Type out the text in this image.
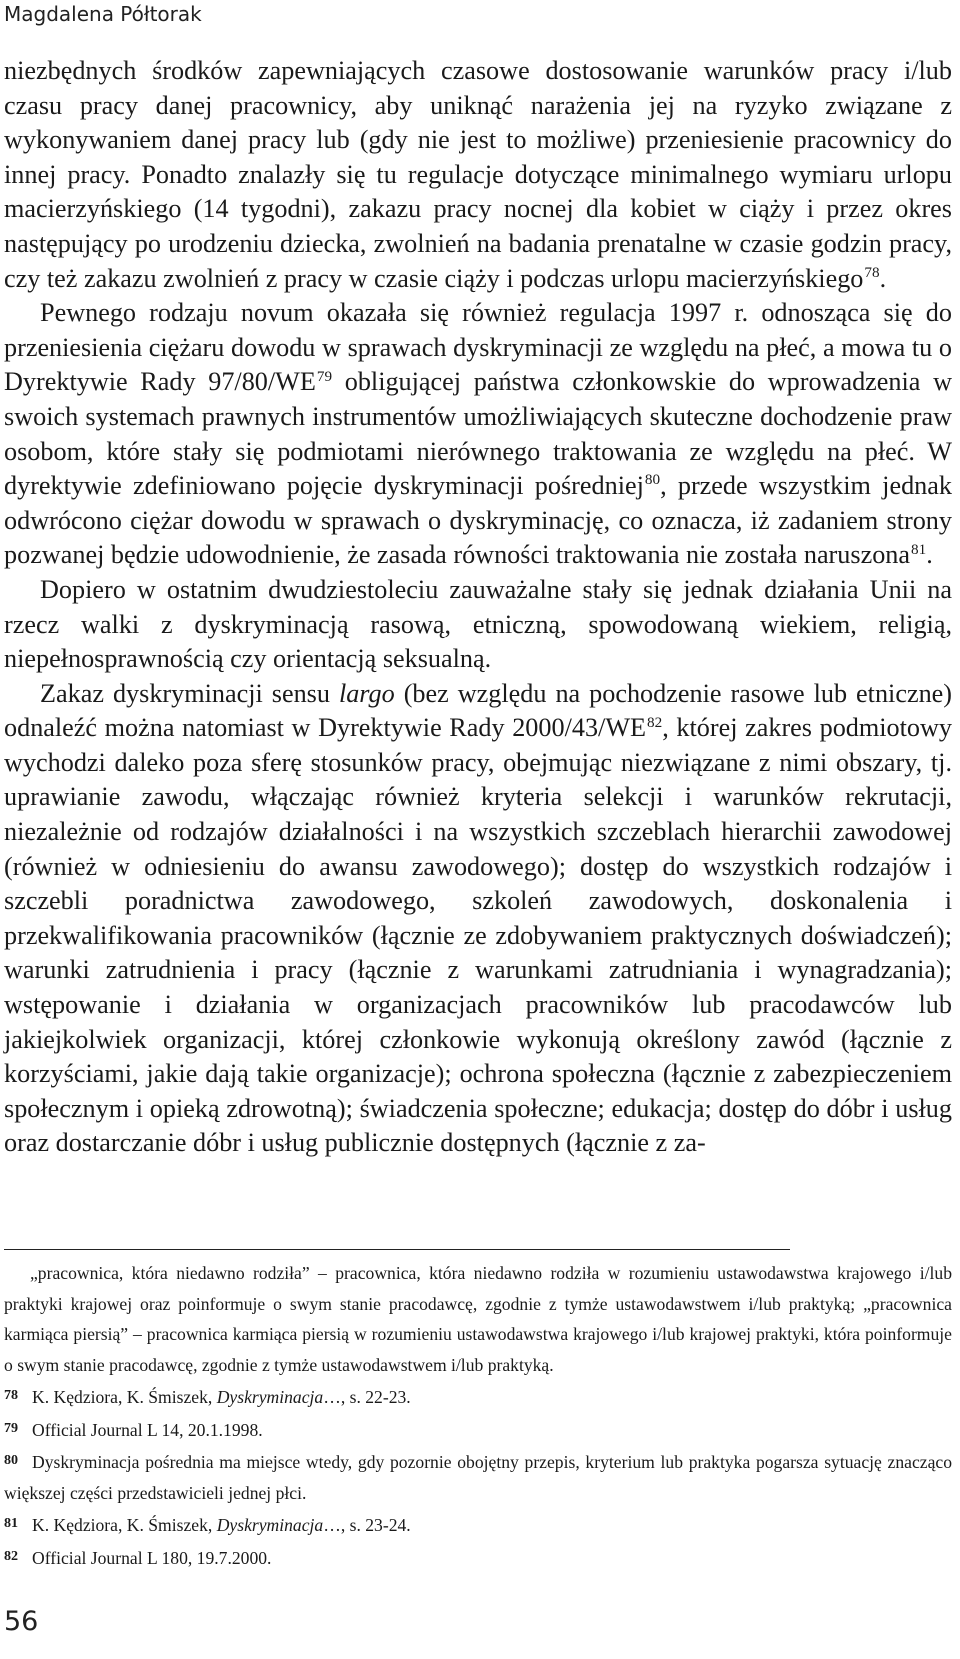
Magdalena Półtorak

niezbędnych środków zapewniających czasowe dostosowanie warunków pracy i/lub czasu pracy danej pracownicy, aby uniknąć narażenia jej na ryzyko związane z wykonywaniem danej pracy lub (gdy nie jest to możliwe) przeniesienie pracownicy do innej pracy. Ponadto znalazły się tu regulacje dotyczące minimalnego wymiaru urlopu macierzyńskiego (14 tygodni), zakazu pracy nocnej dla kobiet w ciąży i przez okres następujący po urodzeniu dziecka, zwolnień na badania prenatalne w czasie godzin pracy, czy też zakazu zwolnień z pracy w czasie ciąży i podczas urlopu macierzyńskiego$^{78}$.

Pewnego rodzaju novum okazała się również regulacja 1997 r. odnosząca się do przeniesienia ciężaru dowodu w sprawach dyskryminacji ze względu na płeć, a mowa tu o Dyrektywie Rady 97/80/WE$^{79}$ obligującej państwa członkowskie do wprowadzenia w swoich systemach prawnych instrumentów umożliwiających skuteczne dochodzenie praw osobom, które stały się podmiotami nierównego traktowania ze względu na płeć. W dyrektywie zdefiniowano pojęcie dyskryminacji pośredniej$^{80}$, przede wszystkim jednak odwrócono ciężar dowodu w sprawach o dyskryminację, co oznacza, iż zadaniem strony pozwanej będzie udowodnienie, że zasada równości traktowania nie została naruszona$^{81}$.

Dopiero w ostatnim dwudziestoleciu zauważalne stały się jednak działania Unii na rzecz walki z dyskryminacją rasową, etniczną, spowodowaną wiekiem, religią, niepełnosprawnością czy orientacją seksualną.

Zakaz dyskryminacji sensu largo (bez względu na pochodzenie rasowe lub etniczne) odnaleźć można natomiast w Dyrektywie Rady 2000/43/WE$^{82}$, której zakres podmiotowy wychodzi daleko poza sferę stosunków pracy, obejmując niezwiązane z nimi obszary, tj. uprawianie zawodu, włączając również kryteria selekcji i warunków rekrutacji, niezależnie od rodzajów działalności i na wszystkich szczeblach hierarchii zawodowej (również w odniesieniu do awansu zawodowego); dostęp do wszystkich rodzajów i szczebli poradnictwa zawodowego, szkoleń zawodowych, doskonalenia i przekwalifikowania pracowników (łącznie ze zdobywaniem praktycznych doświadczeń); warunki zatrudnienia i pracy (łącznie z warunkami zatrudniania i wynagradzania); wstępowanie i działania w organizacjach pracowników lub pracodawców lub jakiejkolwiek organizacji, której członkowie wykonują określony zawód (łącznie z korzyściami, jakie dają takie organizacje); ochrona społeczna (łącznie z zabezpieczeniem społecznym i opieką zdrowotną); świadczenia społeczne; edukacja; dostęp do dóbr i usług oraz dostarczanie dóbr i usług publicznie dostępnych (łącznie z za-

„pracownica, która niedawno rodziła” – pracownica, która niedawno rodziła w rozumieniu ustawodawstwa krajowego i/lub praktyki krajowej oraz poinformuje o swym stanie pracodawcę, zgodnie z tymże ustawodawstwem i/lub praktyką; „pracownica karmiąca piersią” – pracownica karmiąca piersią w rozumieniu ustawodawstwa krajowego i/lub krajowej praktyki, która poinformuje o swym stanie pracodawcę, zgodnie z tymże ustawodawstwem i/lub praktyką.

78 K. Kędziora, K. Śmiszek, Dyskryminacja…, s. 22-23.

79 Official Journal L 14, 20.1.1998.

80 Dyskryminacja pośrednia ma miejsce wtedy, gdy pozornie obojętny przepis, kryterium lub praktyka pogarsza sytuację znacząco większej części przedstawicieli jednej płci.

81 K. Kędziora, K. Śmiszek, Dyskryminacja…, s. 23-24.

82 Official Journal L 180, 19.7.2000.

56
